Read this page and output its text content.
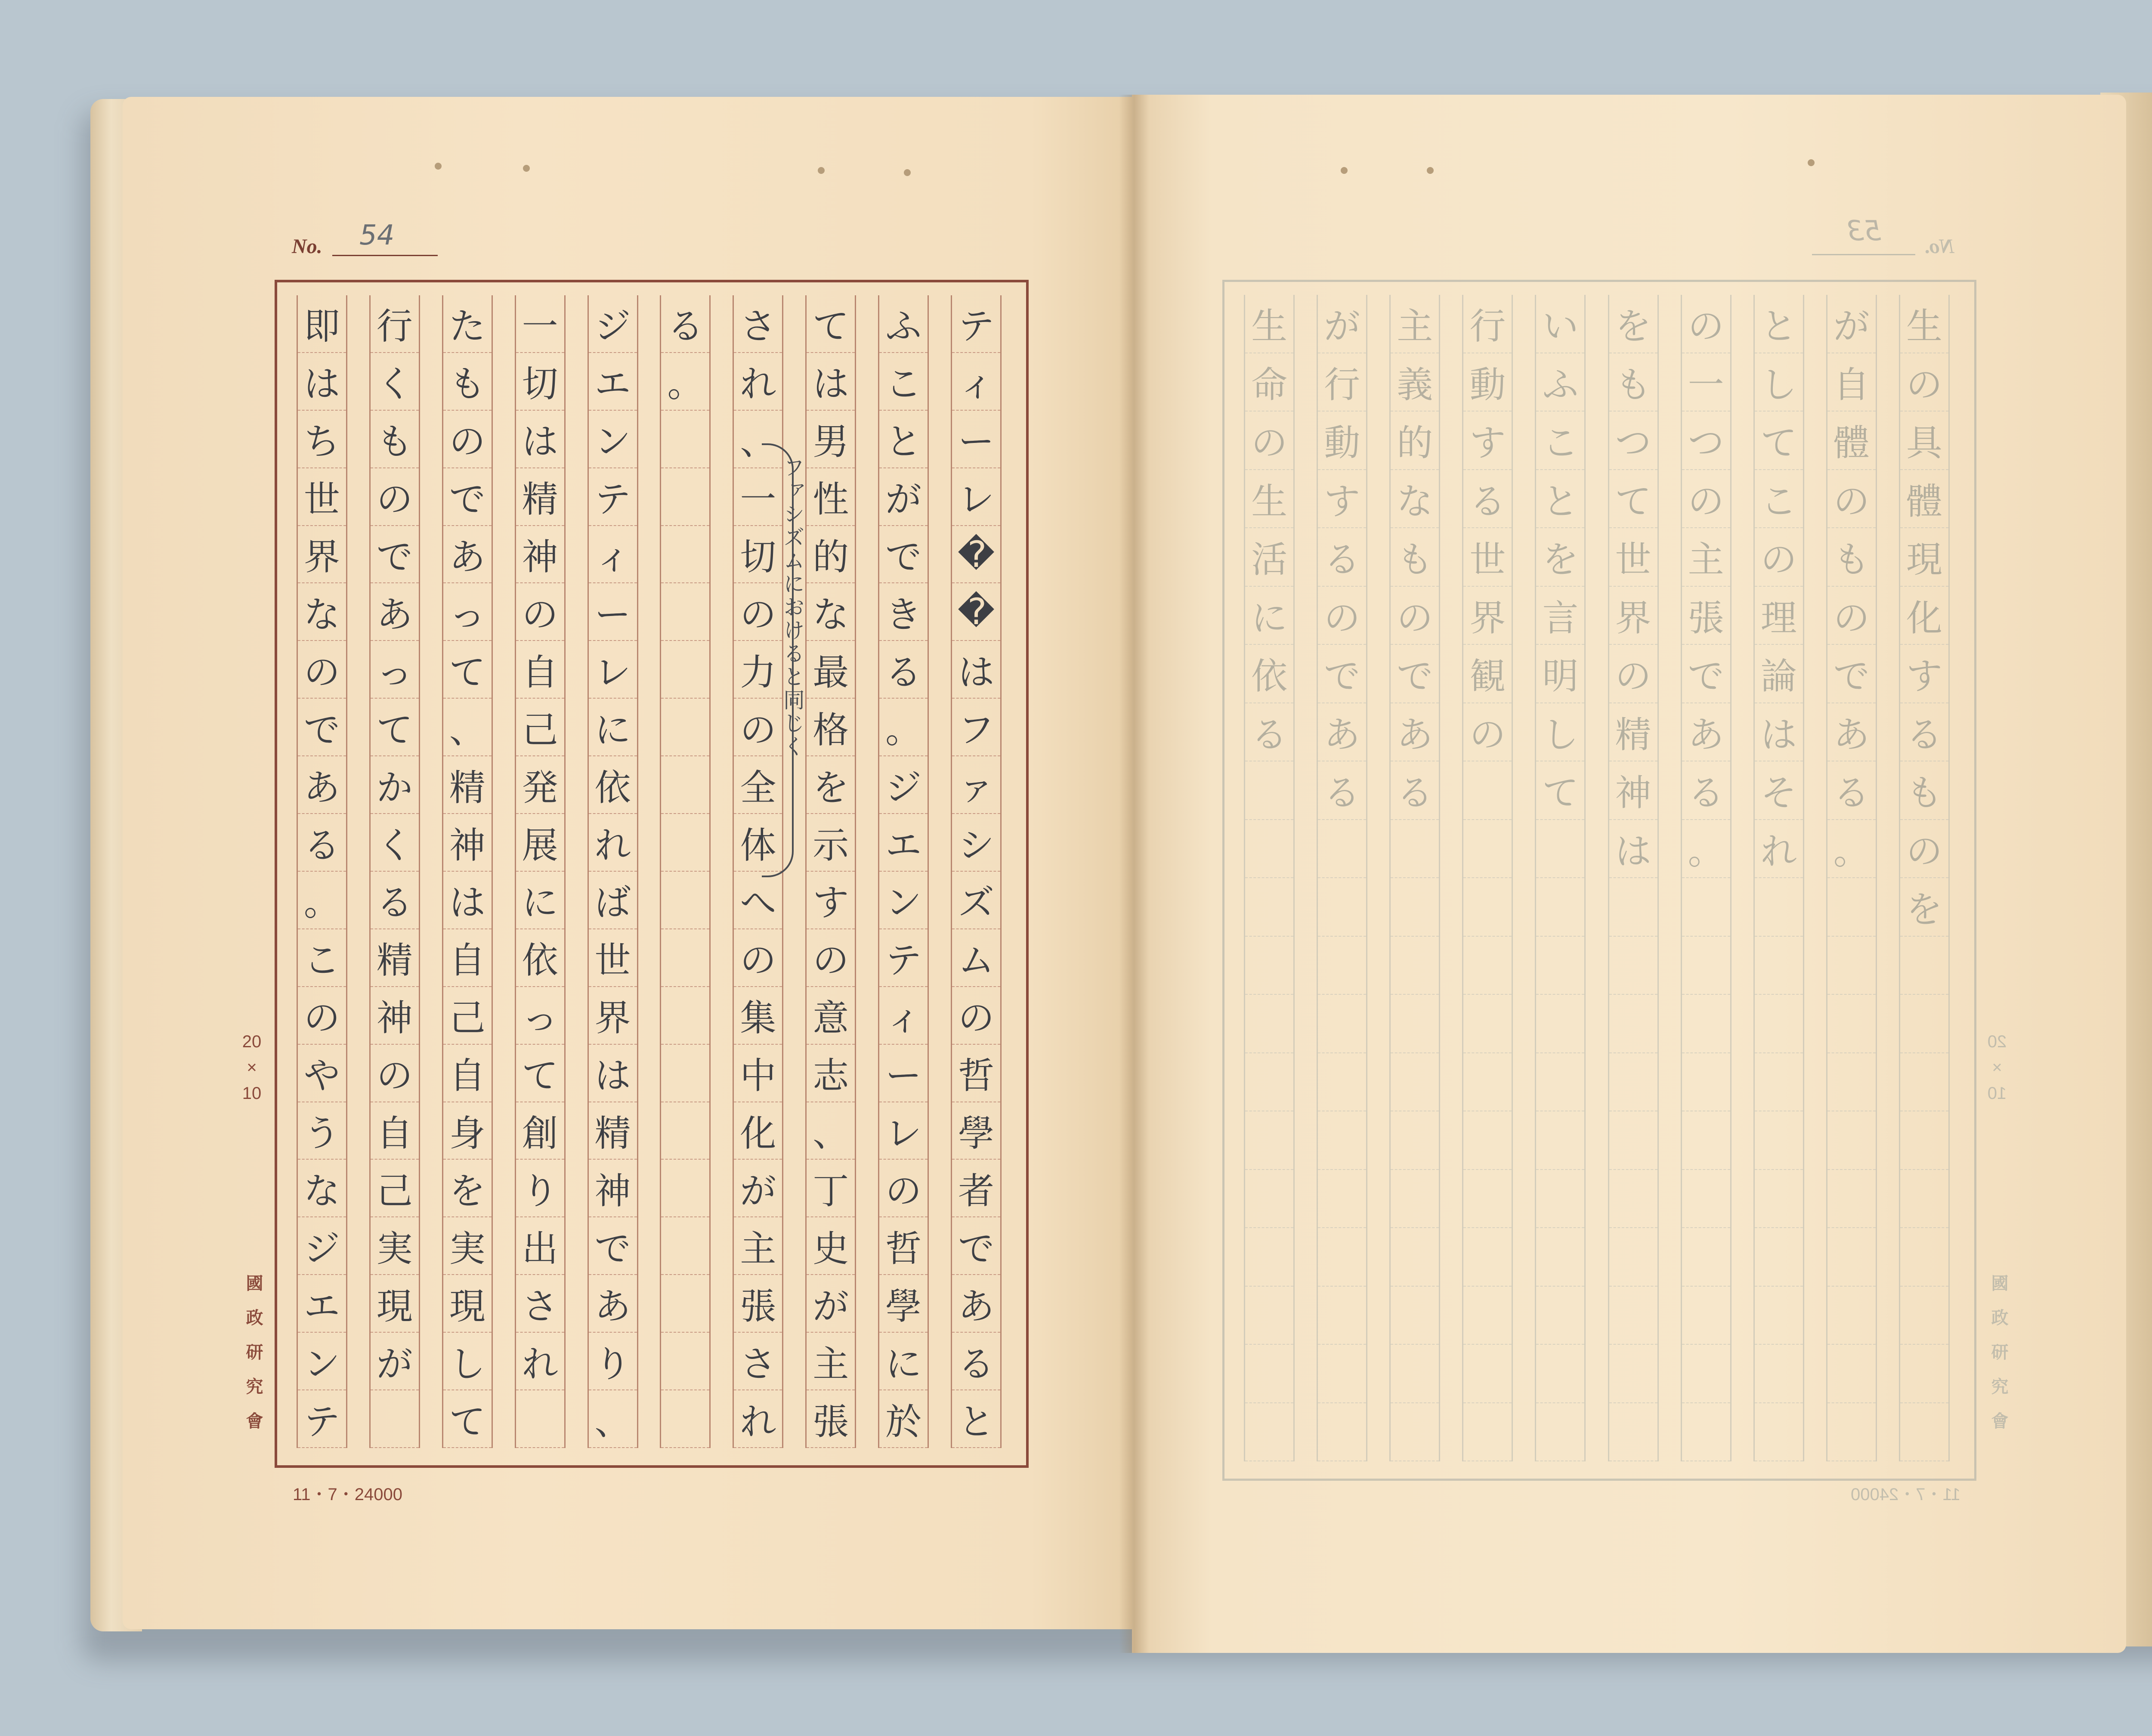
No. 54
テ
ィ
ー
レ
�
�
は
フ
ァ
シ
ズ
ム
の
哲
學
者
で
あ
る
と
ふ
こ
と
が
で
き
る
。
ジ
エ
ン
テ
ィ
ー
レ
の
哲
學
に
於
て
は
男
性
的
な
最
格
を
示
す
の
意
志
、
丁
史
が
主
張
さ
れ
、
一
切
の
力
の
全
体
へ
の
集
中
化
が
主
張
さ
れ
る
。
ジ
エ
ン
テ
ィ
ー
レ
に
依
れ
ば
世
界
は
精
神
で
あ
り
、
一
切
は
精
神
の
自
己
発
展
に
依
っ
て
創
り
出
さ
れ
た
も
の
で
あ
っ
て
、
精
神
は
自
己
自
身
を
実
現
し
て
行
く
も
の
で
あ
っ
て
か
く
る
精
神
の
自
己
実
現
が
即
は
ち
世
界
な
の
で
あ
る
。
こ
の
や
う
な
ジ
エ
ン
テ
ファシズムにおけると同じく
20 × 10
國政研究會
11・7・24000
No.
53
生
の
具
體
現
化
す
る
も
の
を
が
自
體
の
も
の
で
あ
る
。
と
し
て
こ
の
理
論
は
そ
れ
の
一
つ
の
主
張
で
あ
る
。
を
も
つ
て
世
界
の
精
神
は
い
ふ
こ
と
を
言
明
し
て
行
動
す
る
世
界
観
の
主
義
的
な
も
の
で
あ
る
が
行
動
す
る
の
で
あ
る
生
命
の
生
活
に
依
る
20 × 10
國政研究會
11・7・24000
